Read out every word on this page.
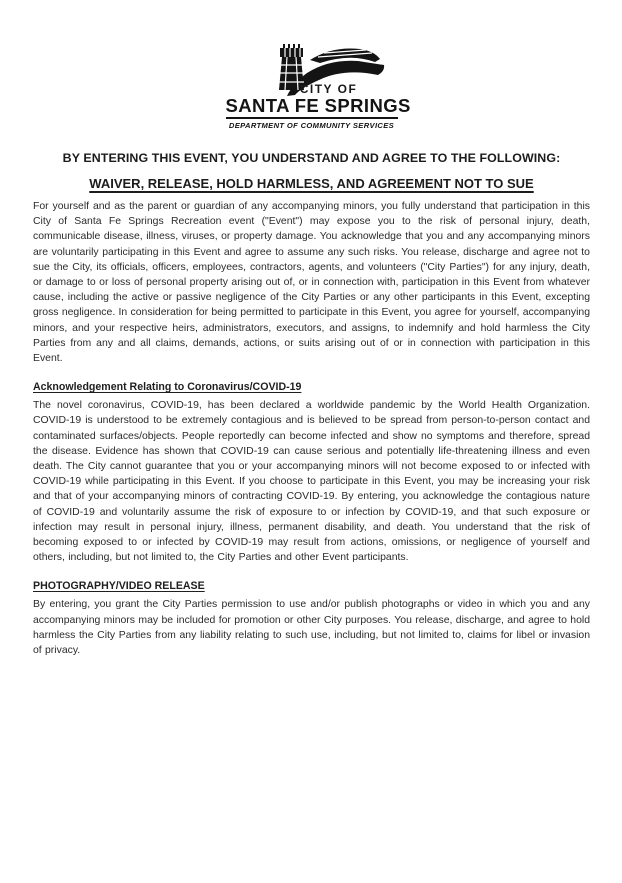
CITY OF
SANTA FE SPRINGS
DEPARTMENT OF COMMUNITY SERVICES
BY ENTERING THIS EVENT, YOU UNDERSTAND AND AGREE TO THE FOLLOWING:
WAIVER, RELEASE, HOLD HARMLESS, AND AGREEMENT NOT TO SUE

For yourself and as the parent or guardian of any accompanying minors, you fully understand that participation in this City of Santa Fe Springs Recreation event ("Event") may expose you to the risk of personal injury, death, communicable disease, illness, viruses, or property damage. You acknowledge that you and any accompanying minors are voluntarily participating in this Event and agree to assume any such risks. You release, discharge and agree not to sue the City, its officials, officers, employees, contractors, agents, and volunteers ("City Parties") for any injury, death, or damage to or loss of personal property arising out of, or in connection with, participation in this Event from whatever cause, including the active or passive negligence of the City Parties or any other participants in this Event, excepting gross negligence. In consideration for being permitted to participate in this Event, you agree for yourself, accompanying minors, and your respective heirs, administrators, executors, and assigns, to indemnify and hold harmless the City Parties from any and all claims, demands, actions, or suits arising out of or in connection with participation in this Event.

Acknowledgement Relating to Coronavirus/COVID-19

The novel coronavirus, COVID-19, has been declared a worldwide pandemic by the World Health Organization. COVID-19 is understood to be extremely contagious and is believed to be spread from person-to-person contact and contaminated surfaces/objects. People reportedly can become infected and show no symptoms and therefore, spread the disease. Evidence has shown that COVID-19 can cause serious and potentially life-threatening illness and even death. The City cannot guarantee that you or your accompanying minors will not become exposed to or infected with COVID-19 while participating in this Event. If you choose to participate in this Event, you may be increasing your risk and that of your accompanying minors of contracting COVID-19. By entering, you acknowledge the contagious nature of COVID-19 and voluntarily assume the risk of exposure to or infection by COVID-19, and that such exposure or infection may result in personal injury, illness, permanent disability, and death. You understand that the risk of becoming exposed to or infected by COVID-19 may result from actions, omissions, or negligence of yourself and others, including, but not limited to, the City Parties and other Event participants.

PHOTOGRAPHY/VIDEO RELEASE

By entering, you grant the City Parties permission to use and/or publish photographs or video in which you and any accompanying minors may be included for promotion or other City purposes. You release, discharge, and agree to hold harmless the City Parties from any liability relating to such use, including, but not limited to, claims for libel or invasion of privacy.
